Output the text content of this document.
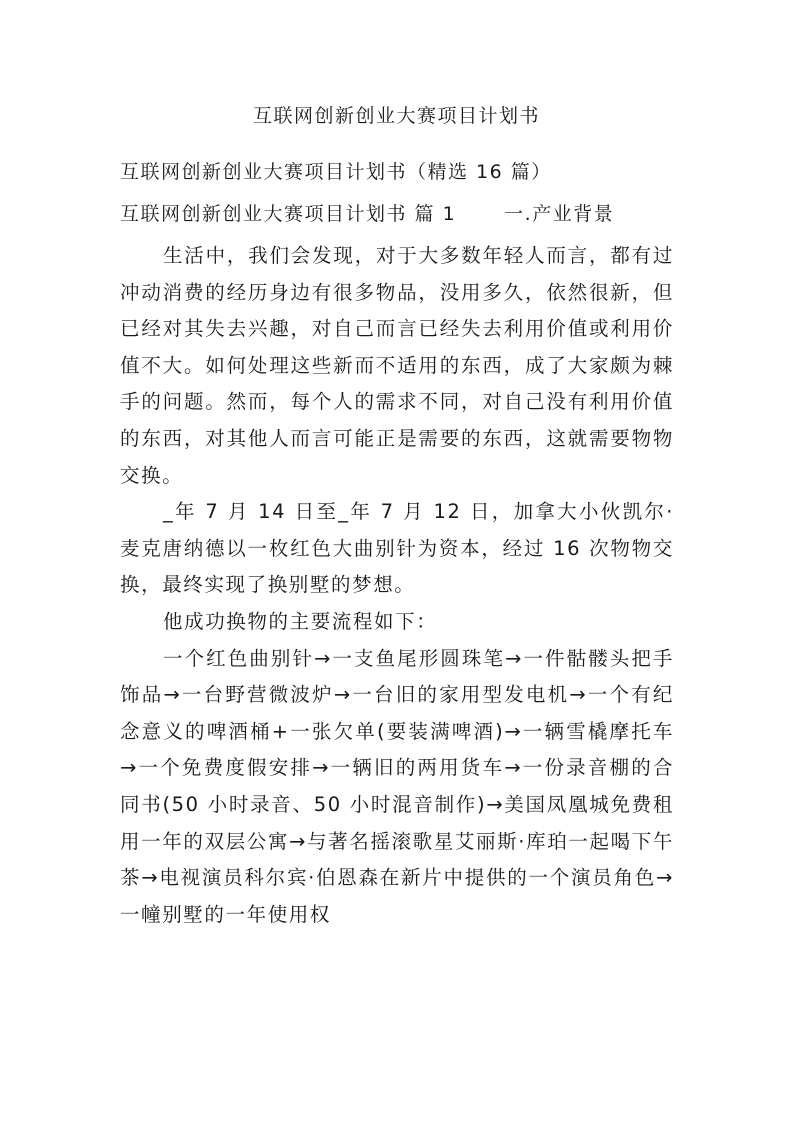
互联网创新创业大赛项目计划书
互联网创新创业大赛项目计划书（精选 16 篇）
互联网创新创业大赛项目计划书 篇 1	一.产业背景

生活中，我们会发现，对于大多数年轻人而言，都有过冲动消费的经历身边有很多物品，没用多久，依然很新，但已经对其失去兴趣，对自己而言已经失去利用价值或利用价值不大。如何处理这些新而不适用的东西，成了大家颇为棘手的问题。然而，每个人的需求不同，对自己没有利用价值的东西，对其他人而言可能正是需要的东西，这就需要物物交换。

_年 7 月 14 日至_年 7 月 12 日，加拿大小伙凯尔·麦克唐纳德以一枚红色大曲别针为资本，经过 16 次物物交换，最终实现了换别墅的梦想。

他成功换物的主要流程如下：

一个红色曲别针→一支鱼尾形圆珠笔→一件骷髅头把手饰品→一台野营微波炉→一台旧的家用型发电机→一个有纪念意义的啤酒桶+一张欠单(要装满啤酒)→一辆雪橇摩托车→一个免费度假安排→一辆旧的两用货车→一份录音棚的合同书(50 小时录音、50 小时混音制作)→美国凤凰城免费租用一年的双层公寓→与著名摇滚歌星艾丽斯·库珀一起喝下午茶→电视演员科尔宾·伯恩森在新片中提供的一个演员角色→一幢别墅的一年使用权
